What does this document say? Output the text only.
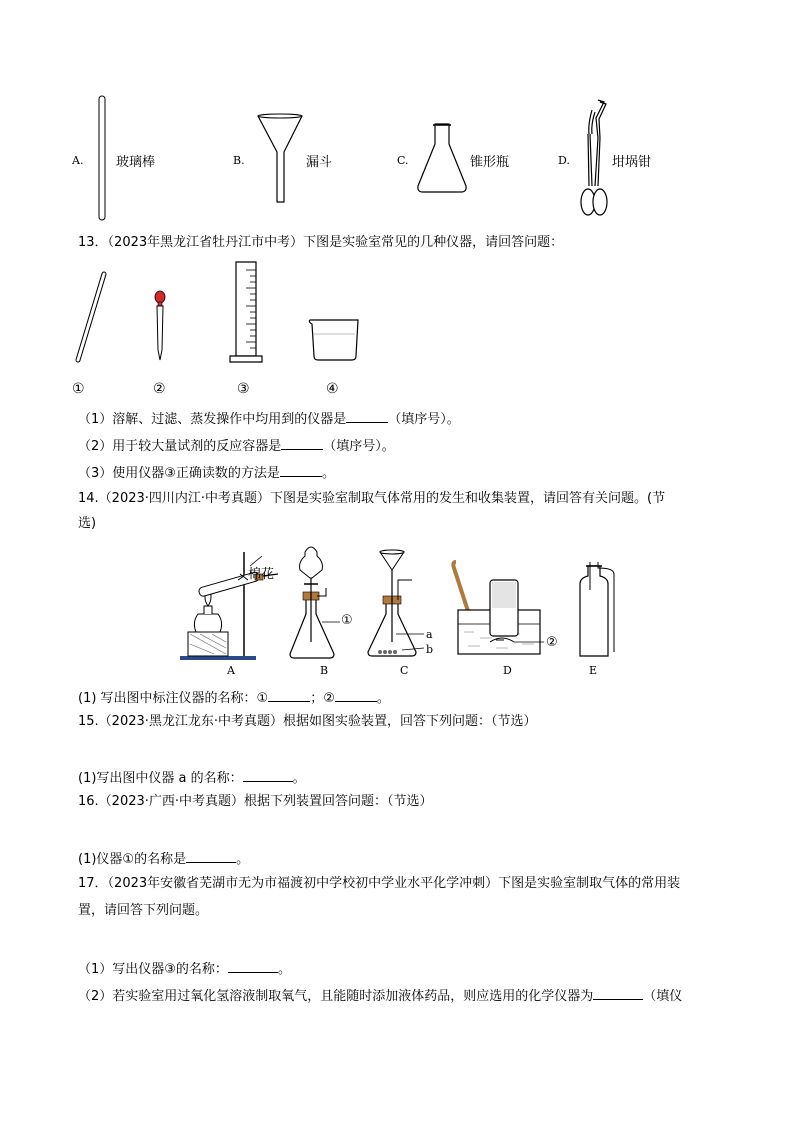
A.	玻璃棒	B.	漏斗	C.	锥形瓶	D.	坩埚钳
13．（2023年黑龙江省牡丹江市中考）下图是实验室常见的几种仪器，请回答问题：
①	②	③	④
（1）溶解、过滤、蒸发操作中均用到的仪器是	（填序号）。
（2）用于较大量试剂的反应容器是	（填序号）。
（3）使用仪器③正确读数的方法是	。
14.（2023·四川内江·中考真题）下图是实验室制取气体常用的发生和收集装置，请回答有关问题。(节
选)
棉花
①
a
b	②
A	B	C	D	E
(1) 写出图中标注仪器的名称：①	；②	。
15.（2023·黑龙江龙东·中考真题）根据如图实验装置，回答下列问题：（节选）
(1)写出图中仪器 a 的名称：	。
16.（2023·广西·中考真题）根据下列装置回答问题：（节选）
(1)仪器①的名称是	。
17．（2023年安徽省芜湖市无为市福渡初中学校初中学业水平化学冲刺）下图是实验室制取气体的常用装
置，请回答下列问题。
（1）写出仪器③的名称：	。
（2）若实验室用过氧化氢溶液制取氧气，且能随时添加液体药品，则应选用的化学仪器为	（填仪
